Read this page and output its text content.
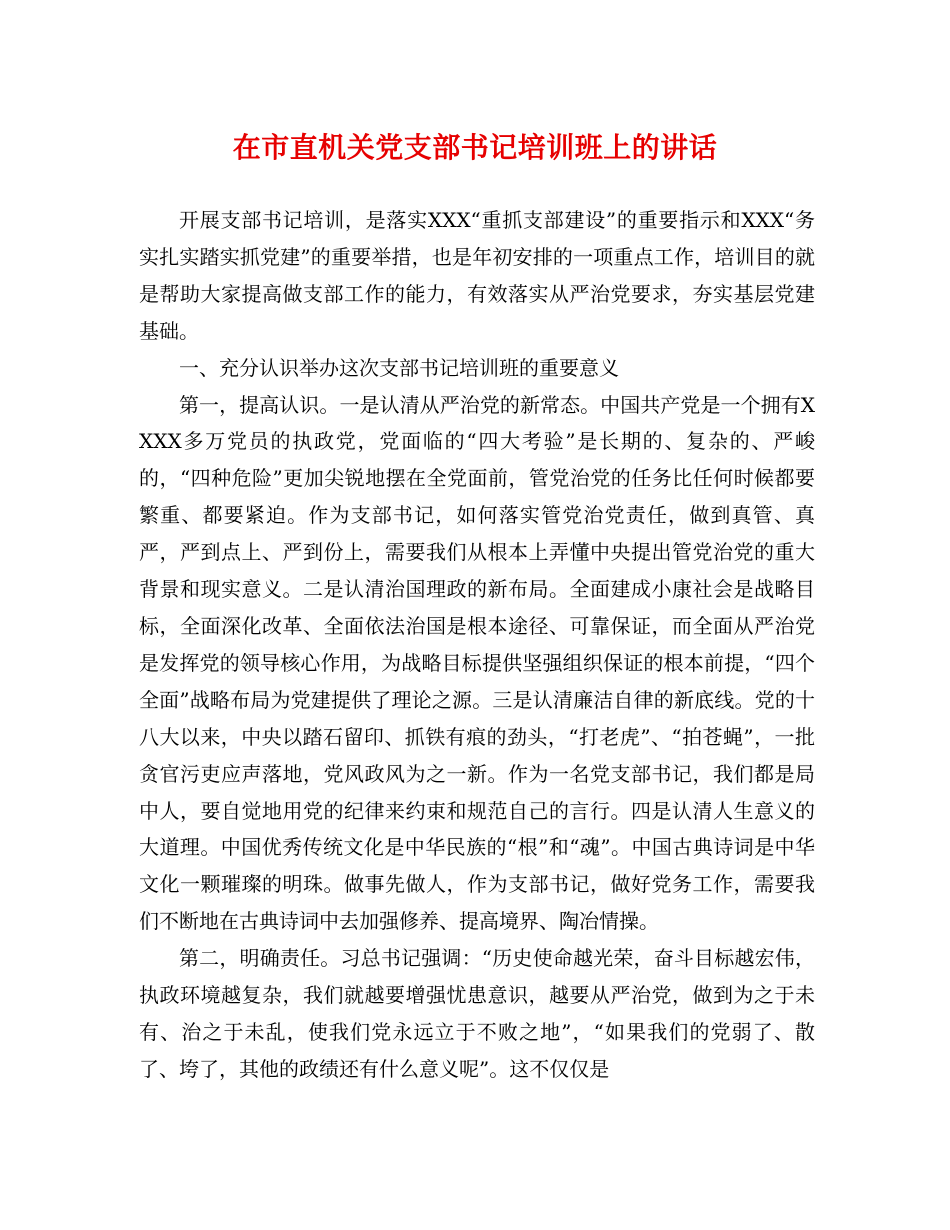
在市直机关党支部书记培训班上的讲话

开展支部书记培训，是落实XXX“重抓支部建设”的重要指示和XXX“务实扎实踏实抓党建”的重要举措，也是年初安排的一项重点工作，培训目的就是帮助大家提高做支部工作的能力，有效落实从严治党要求，夯实基层党建基础。

一、充分认识举办这次支部书记培训班的重要意义

第一，提高认识。一是认清从严治党的新常态。中国共产党是一个拥有XXXX多万党员的执政党，党面临的“四大考验”是长期的、复杂的、严峻的，“四种危险”更加尖锐地摆在全党面前，管党治党的任务比任何时候都要繁重、都要紧迫。作为支部书记，如何落实管党治党责任，做到真管、真严，严到点上、严到份上，需要我们从根本上弄懂中央提出管党治党的重大背景和现实意义。二是认清治国理政的新布局。全面建成小康社会是战略目标，全面深化改革、全面依法治国是根本途径、可靠保证，而全面从严治党是发挥党的领导核心作用，为战略目标提供坚强组织保证的根本前提，“四个全面”战略布局为党建提供了理论之源。三是认清廉洁自律的新底线。党的十八大以来，中央以踏石留印、抓铁有痕的劲头，“打老虎”、“拍苍蝇”，一批贪官污吏应声落地，党风政风为之一新。作为一名党支部书记，我们都是局中人，要自觉地用党的纪律来约束和规范自己的言行。四是认清人生意义的大道理。中国优秀传统文化是中华民族的“根”和“魂”。中国古典诗词是中华文化一颗璀璨的明珠。做事先做人，作为支部书记，做好党务工作，需要我们不断地在古典诗词中去加强修养、提高境界、陶冶情操。

第二，明确责任。习总书记强调：“历史使命越光荣，奋斗目标越宏伟，执政环境越复杂，我们就越要增强忧患意识，越要从严治党，做到为之于未有、治之于未乱，使我们党永远立于不败之地”，“如果我们的党弱了、散了、垮了，其他的政绩还有什么意义呢”。这不仅仅是
